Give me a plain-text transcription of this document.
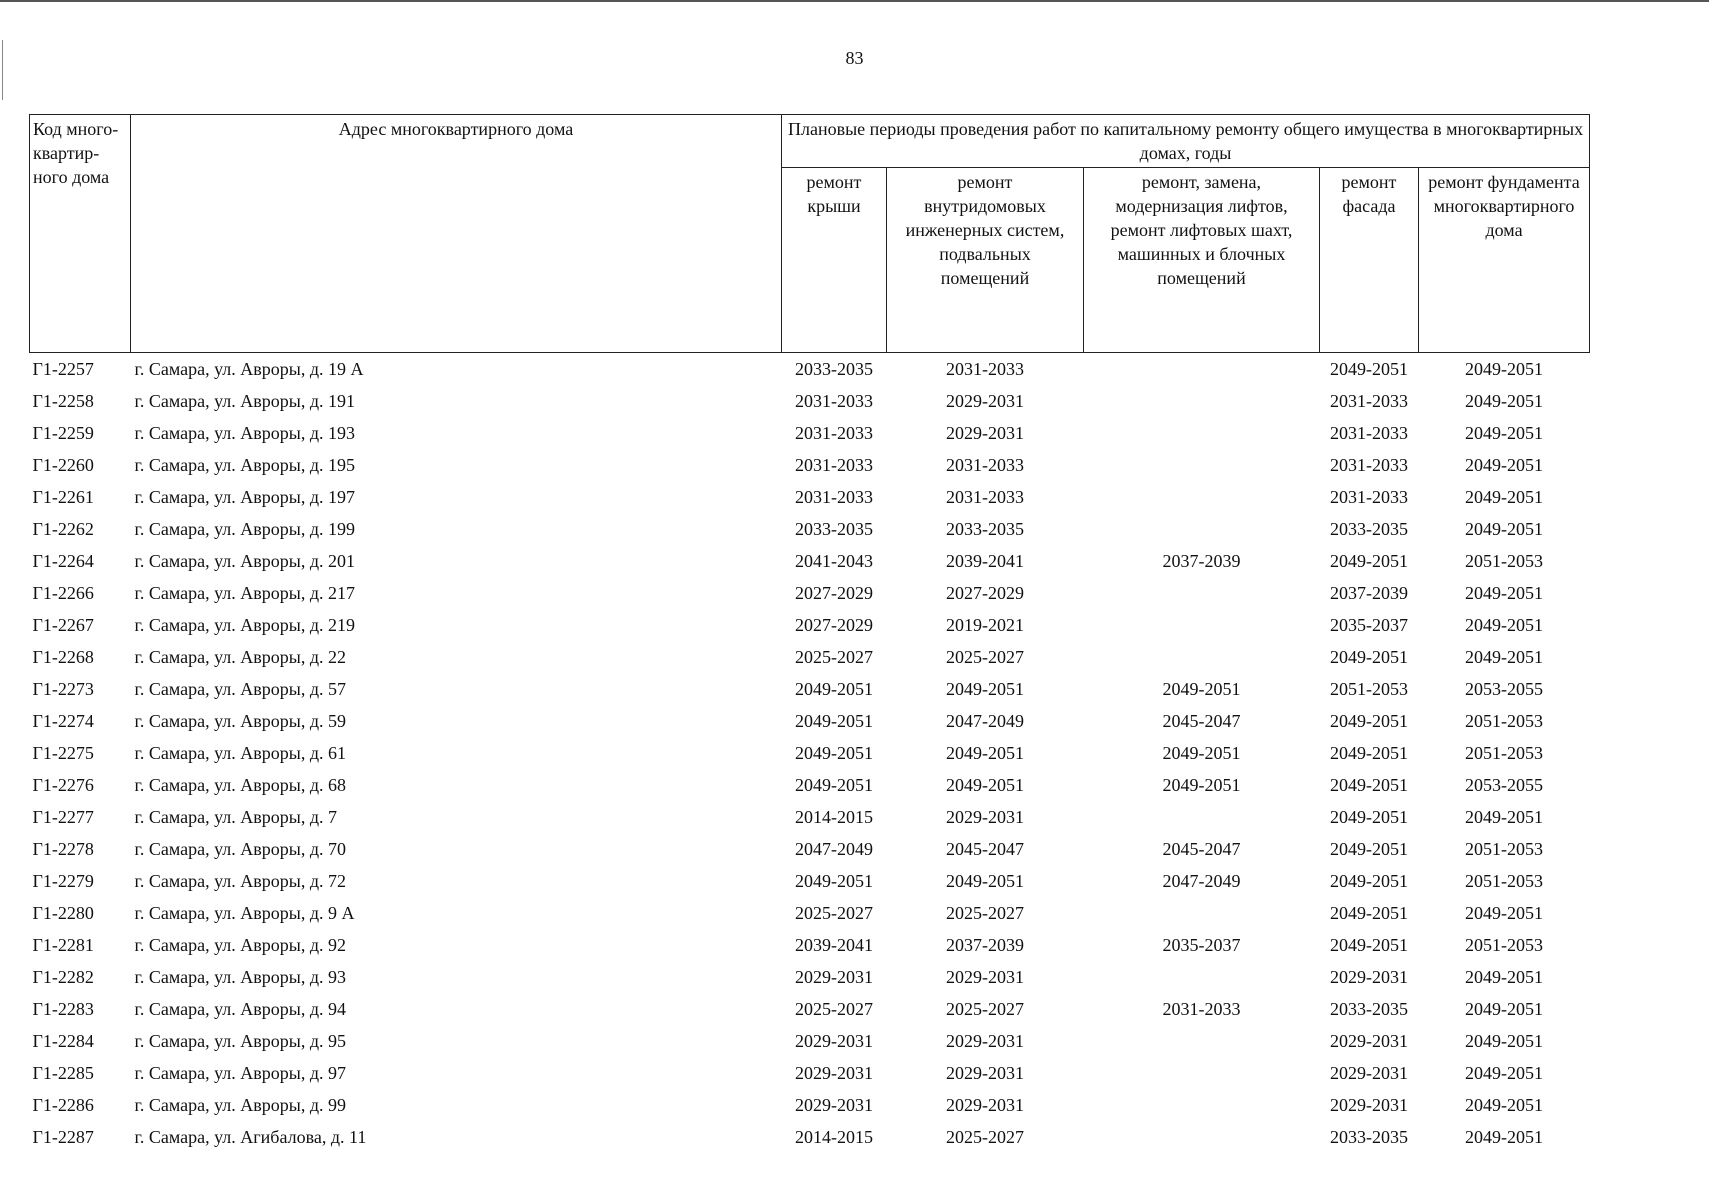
83
Код много-
квартир-
ного дома	Адрес многоквартирного дома	Плановые периоды проведения работ по капитальному ремонту общего имущества в многоквартирных домах, годы				
		ремонт
крыши	ремонт
внутридомовых
инженерных систем,
подвальных
помещений	ремонт, замена,
модернизация лифтов,
ремонт лифтовых шахт,
машинных и блочных
помещений	ремонт
фасада	ремонт фундамента
многоквартирного
дома
Г1-2257	г. Самара, ул. Авроры, д. 19 А	2033-2035	2031-2033		2049-2051	2049-2051
Г1-2258	г. Самара, ул. Авроры, д. 191	2031-2033	2029-2031		2031-2033	2049-2051
Г1-2259	г. Самара, ул. Авроры, д. 193	2031-2033	2029-2031		2031-2033	2049-2051
Г1-2260	г. Самара, ул. Авроры, д. 195	2031-2033	2031-2033		2031-2033	2049-2051
Г1-2261	г. Самара, ул. Авроры, д. 197	2031-2033	2031-2033		2031-2033	2049-2051
Г1-2262	г. Самара, ул. Авроры, д. 199	2033-2035	2033-2035		2033-2035	2049-2051
Г1-2264	г. Самара, ул. Авроры, д. 201	2041-2043	2039-2041	2037-2039	2049-2051	2051-2053
Г1-2266	г. Самара, ул. Авроры, д. 217	2027-2029	2027-2029		2037-2039	2049-2051
Г1-2267	г. Самара, ул. Авроры, д. 219	2027-2029	2019-2021		2035-2037	2049-2051
Г1-2268	г. Самара, ул. Авроры, д. 22	2025-2027	2025-2027		2049-2051	2049-2051
Г1-2273	г. Самара, ул. Авроры, д. 57	2049-2051	2049-2051	2049-2051	2051-2053	2053-2055
Г1-2274	г. Самара, ул. Авроры, д. 59	2049-2051	2047-2049	2045-2047	2049-2051	2051-2053
Г1-2275	г. Самара, ул. Авроры, д. 61	2049-2051	2049-2051	2049-2051	2049-2051	2051-2053
Г1-2276	г. Самара, ул. Авроры, д. 68	2049-2051	2049-2051	2049-2051	2049-2051	2053-2055
Г1-2277	г. Самара, ул. Авроры, д. 7	2014-2015	2029-2031		2049-2051	2049-2051
Г1-2278	г. Самара, ул. Авроры, д. 70	2047-2049	2045-2047	2045-2047	2049-2051	2051-2053
Г1-2279	г. Самара, ул. Авроры, д. 72	2049-2051	2049-2051	2047-2049	2049-2051	2051-2053
Г1-2280	г. Самара, ул. Авроры, д. 9 А	2025-2027	2025-2027		2049-2051	2049-2051
Г1-2281	г. Самара, ул. Авроры, д. 92	2039-2041	2037-2039	2035-2037	2049-2051	2051-2053
Г1-2282	г. Самара, ул. Авроры, д. 93	2029-2031	2029-2031		2029-2031	2049-2051
Г1-2283	г. Самара, ул. Авроры, д. 94	2025-2027	2025-2027	2031-2033	2033-2035	2049-2051
Г1-2284	г. Самара, ул. Авроры, д. 95	2029-2031	2029-2031		2029-2031	2049-2051
Г1-2285	г. Самара, ул. Авроры, д. 97	2029-2031	2029-2031		2029-2031	2049-2051
Г1-2286	г. Самара, ул. Авроры, д. 99	2029-2031	2029-2031		2029-2031	2049-2051
Г1-2287	г. Самара, ул. Агибалова, д. 11	2014-2015	2025-2027		2033-2035	2049-2051
